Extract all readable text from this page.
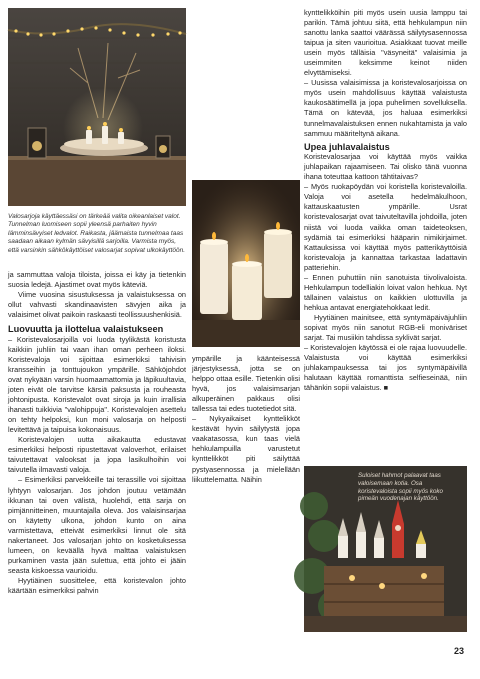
Valosarjoja käyttäessäsi on tärkeää valita oikeanlaiset valot. Tunnelman luomiseen sopii yleensä parhaiten hyvin lämminsävyiset ledvalot. Raikasta, jäämaista tunnelmaa taas saadaan aikaan kylmän sävyisillä sarjoilla. Varmista myös, että varsinkin sähkökäyttöiset valosarjat sopivat ulkokäyttöön.
Suloiset hahmot palaavat taas valoisemaan kotia. Osa koristevaloista sopii myös koko pimeän vuodenajan käyttöön.

ja sammuttaa valoja tiloista, joissa ei käy ja tietenkin suosia ledejä. Ajastimet ovat myös käteviä.

Viime vuosina sisustuksessa ja valaistuksessa on ollut vahvasti skandinaavisten sävyjen aika ja valaisimet olivat paikoin raskaasti teollissuushenkisiä.

Luovuutta ja ilottelua valaistukseen

– Koristevalosarjoilla voi luoda tyylikästä koristusta kaikkiin juhliin tai vaan ihan oman perheen iloksi. Koristevaloja voi sijoittaa esimerkiksi tahivisin kransseihin ja tonttujoukon ympärille. Sähköjohdot ovat nykyään varsin huomaamattomia ja läpikuultavia, joten eivät ole tarvitse kärsiä paksusta ja rouheasta johtonipusta. Koristevalot ovat siroja ja kuin irrallisia ihanasti tuikkivia "valohippuja". Koristevalojen asettelu on tehty helpoksi, kun moni valosarja on helposti levitettävä ja taipuisa kokonaisuus.

Koristevalojen uutta aikakautta edustavat esimerkiksi helposti ripustettavat valoverhot, erilaiset taivutettavat valooksat ja jopa lasikulhoihin voi taivutella ilmavasti valoja.

– Esimerkiksi parvekkeille tai terassille voi sijoittaa lyhtyyn valosarjan. Jos johdon joutuu vetämään ikkunan tai oven välistä, huolehdi, että sarja on pimjännitteinen, muuntajalla oleva. Jos valaisinsarjaa on käytetty ulkona, johdon kunto on aina varmistettava, etteivät esimerkiksi linnut ole sitä nakertaneet. Jos valosarjan johto on kosketuksessa lumeen, on keväällä hyvä malttaa valaistuksen purkaminen vasta jään sulettua, että johto ei jääin seasta kiskoessa vaurioidu.

Hyytiäinen suosittelee, että koristevalon johto käärtään esimerkiksi pahvin

ympärille ja käänteisessä järjestyksessä, jotta se on helppo ottaa esille. Tietenkin olisi hyvä, jos valaisimsarjan alkuperäinen pakkaus olisi tallessa tai edes tuotetiedot sitä.

– Nykyaikaiset kynttelikköt kestävät hyvin säilytystä jopa vaakatasossa, kun taas vielä hehkulampuilla varustetut kynttelikköt piti säilyttää pystyasennossa ja mielellään liikuttelematta. Näihin

kynttelikköihin piti myös usein uusia lamppu tai parikin. Tämä johtuu siitä, että hehkulampun niin sanottu lanka saattoi väärässä säilytysasennossa taipua ja siten vaurioitua. Asiakkaat tuovat meille usein myös tälläisia "väsyneitä" valaisimia ja useimmiten keksimme keinot niiden elvyttämiseksi.

– Uusissa valaisimissa ja koristevalosarjoissa on myös usein mahdollisuus käyttää valaistusta kaukosäätimellä ja jopa puhelimen sovelluksella. Tämä on kätevää, jos haluaa esimerkiksi tunnelmavalaistuksen ennen nukahtamista ja valo sammuu määriteltynä aikana.

Upea juhlavalaistus

Koristevalosarjaa voi käyttää myös vaikka juhlapaikan rajaamiseen. Tai oliskо tänä vuonna ihana toteuttaa kattoon tähtitaivas?

– Myös ruokapöydän voi koristella koristevaloilla. Valoja voi asetella hedelmäkulhoon, kattauskaatusten ympärille. Usrat koristevalosarjat ovat taivuteltavilla johdoilla, joten niistä voi luoda vaikka oman taideteoksen, sydämiä tai esimerkiksi hääparin nimikirjaimet. Kattauksissa voi käyttää myös patterikäyttöisiä koristevaloja ja kannattaa tarkastaa ladattavin patteriehin.

– Ennen puhuttiin niin sanotuista tiivolivaloista. Hehkulampun todelliakin loivat valon hehkua. Nyt tällainen valaistus on kaikkien ulottuvilla ja hehkua antavat energiatehokkaat ledit.

Hyytiäinen mainitsee, että syntymäpäiväjuhliin sopivat myös niin sanotut RGB-eli moniväriset sarjat. Tai musiikin tahdissa syklivät sarjat.

– Koristevalojen käytössä ei ole rajaa luovuudelle. Valaistusta voi käyttää esimerkiksi juhlakampauksessa tai jos syntymäpäivillä halutaan käyttää romanttista selfieseinää, niin tähänkin sopii valaistus. ■

23
